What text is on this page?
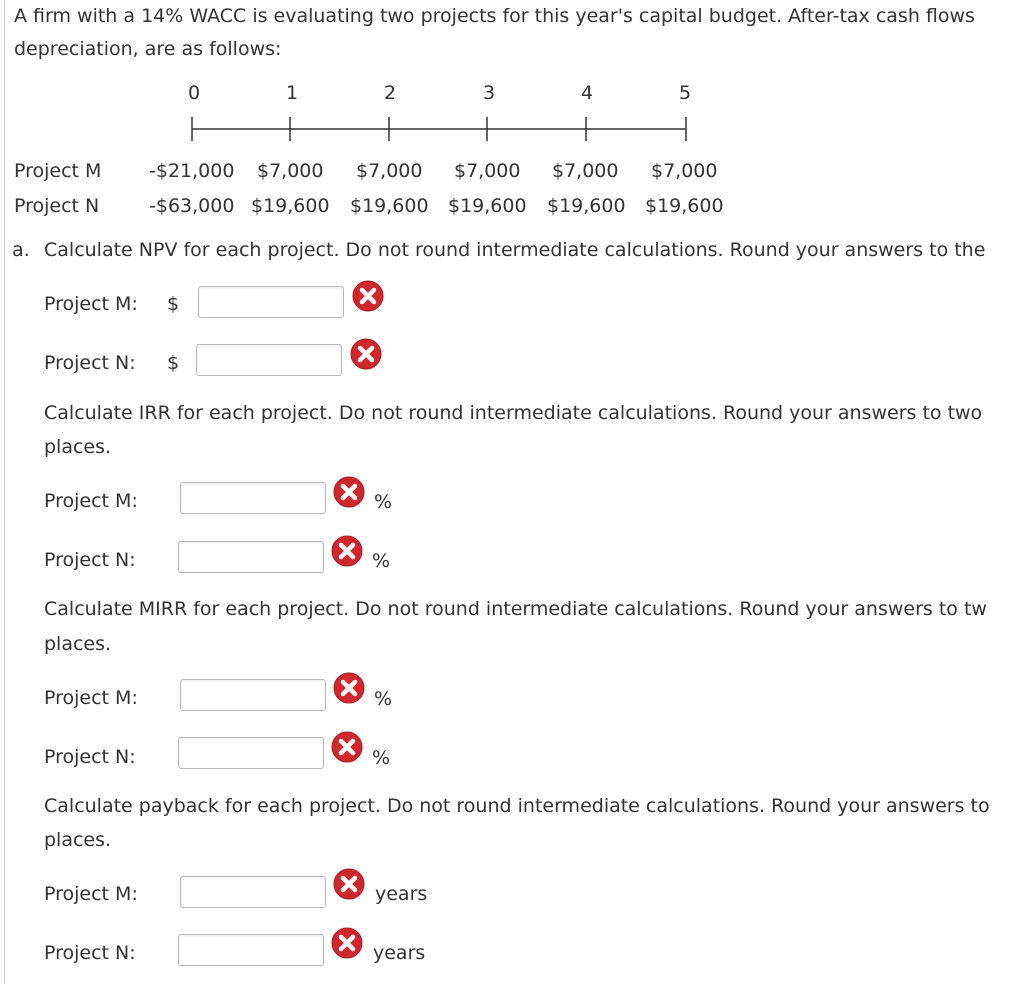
A firm with a 14% WACC is evaluating two projects for this year's capital budget. After-tax cash flows
depreciation, are as follows:
0	1	2	3	4	5
Project M	-$21,000 $7,000 $7,000 $7,000 $7,000 $7,000
Project N	-$63,000 $19,600 $19,600 $19,600 $19,600 $19,600
a. Calculate NPV for each project. Do not round intermediate calculations. Round your answers to the
Project M: $
Project N: $
Calculate IRR for each project. Do not round intermediate calculations. Round your answers to two
places.
Project M:	%
Project N:	%
Calculate MIRR for each project. Do not round intermediate calculations. Round your answers to tw
places.
Project M:	%
Project N:	%
Calculate payback for each project. Do not round intermediate calculations. Round your answers to
places.
Project M:	years
Project N:	years
